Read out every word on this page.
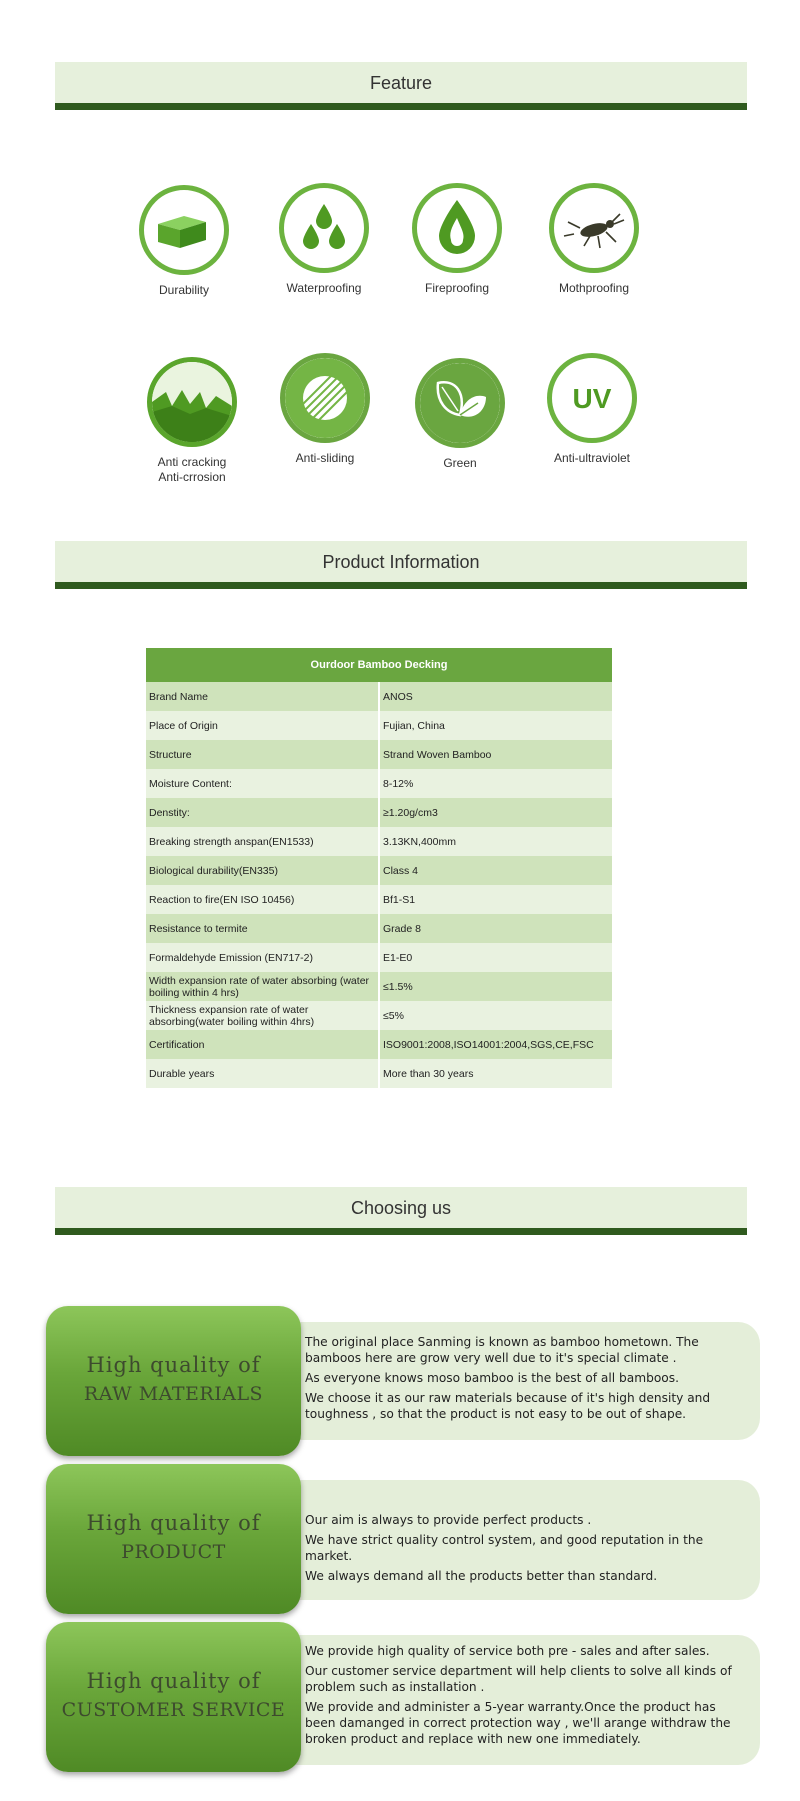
Feature
Durability	Waterproofing	Fireproofing	Mothproofing
Anti cracking
Anti-crrosion
Anti-sliding	Green
UV
Anti-ultraviolet
Product Information
Ourdoor Bamboo Decking	
Brand Name	ANOS
Place of Origin	Fujian, China
Structure	Strand Woven Bamboo
Moisture Content:	8-12%
Denstity:	≥1.20g/cm3
Breaking strength anspan(EN1533)	3.13KN,400mm
Biological durability(EN335)	Class 4
Reaction to fire(EN ISO 10456)	Bf1-S1
Resistance to termite	Grade 8
Formaldehyde Emission (EN717-2)	E1-E0
Width expansion rate of water absorbing (water boiling within 4 hrs)	≤1.5%
Thickness expansion rate of water absorbing(water boiling within 4hrs)	≤5%
Certification	ISO9001:2008,ISO14001:2004,SGS,CE,FSC
Durable years	More than 30 years
Choosing us
• The original place Sanming is known as bamboo hometown. The bamboos here are grow very well due to it's special climate .
• As everyone knows moso bamboo is the best of all bamboos.
• We choose it as our raw materials because of it's high density and toughness , so that the product is not easy to be out of shape.
High quality of
RAW MATERIALS
• Our aim is always to provide perfect products .
• We have strict quality control system, and good reputation in the market.
• We always demand all the products better than standard.
High quality of
PRODUCT
• We provide high quality of service both pre - sales and after sales.
• Our customer service department will help clients to solve all kinds of problem such as installation .
• We provide and administer a 5-year warranty.Once the product has been damanged in correct protection way , we'll arange withdraw the broken product and replace with new one immediately.
High quality of
CUSTOMER SERVICE
